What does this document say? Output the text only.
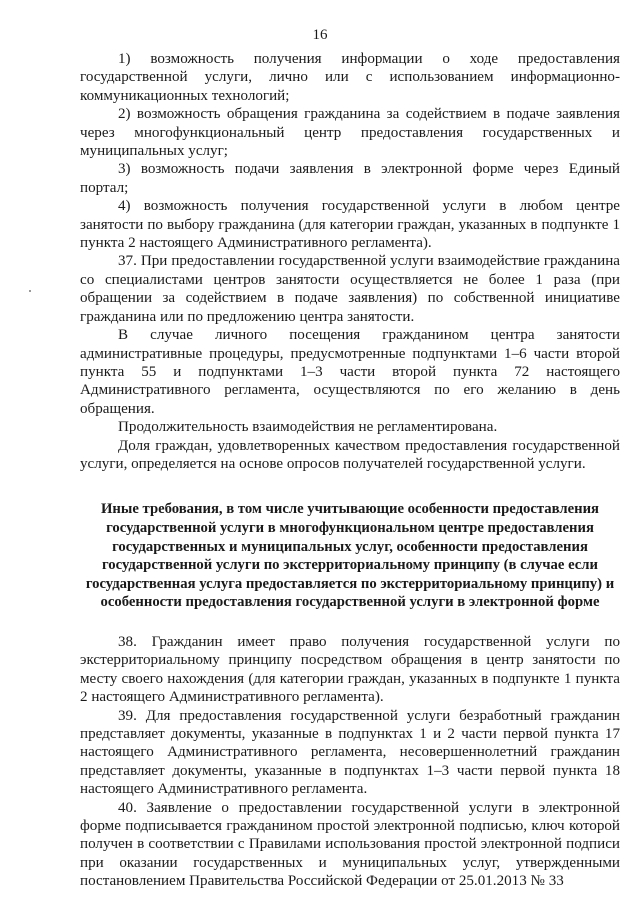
16

1) возможность получения информации о ходе предоставления государственной услуги, лично или с использованием информационно-коммуникационных технологий;

2) возможность обращения гражданина за содействием в подаче заявления через многофункциональный центр предоставления государственных и муниципальных услуг;

3) возможность подачи заявления в электронной форме через Единый портал;

4) возможность получения государственной услуги в любом центре занятости по выбору гражданина (для категории граждан, указанных в подпункте 1 пункта 2 настоящего Административного регламента).

37. При предоставлении государственной услуги взаимодействие гражданина со специалистами центров занятости осуществляется не более 1 раза (при обращении за содействием в подаче заявления) по собственной инициативе гражданина или по предложению центра занятости.

В случае личного посещения гражданином центра занятости административные процедуры, предусмотренные подпунктами 1–6 части второй пункта 55 и подпунктами 1–3 части второй пункта 72 настоящего Административного регламента, осуществляются по его желанию в день обращения.

Продолжительность взаимодействия не регламентирована.

Доля граждан, удовлетворенных качеством предоставления государственной услуги, определяется на основе опросов получателей государственной услуги.

Иные требования, в том числе учитывающие особенности предоставления государственной услуги в многофункциональном центре предоставления государственных и муниципальных услуг, особенности предоставления государственной услуги по экстерриториальному принципу (в случае если государственная услуга предоставляется по экстерриториальному принципу) и особенности предоставления государственной услуги в электронной форме

38. Гражданин имеет право получения государственной услуги по экстерриториальному принципу посредством обращения в центр занятости по месту своего нахождения (для категории граждан, указанных в подпункте 1 пункта 2 настоящего Административного регламента).

39. Для предоставления государственной услуги безработный гражданин представляет документы, указанные в подпунктах 1 и 2 части первой пункта 17 настоящего Административного регламента, несовершеннолетний гражданин представляет документы, указанные в подпунктах 1–3 части первой пункта 18 настоящего Административного регламента.

40. Заявление о предоставлении государственной услуги в электронной форме подписывается гражданином простой электронной подписью, ключ которой получен в соответствии с Правилами использования простой электронной подписи при оказании государственных и муниципальных услуг, утвержденными постановлением Правительства Российской Федерации от 25.01.2013 № 33
